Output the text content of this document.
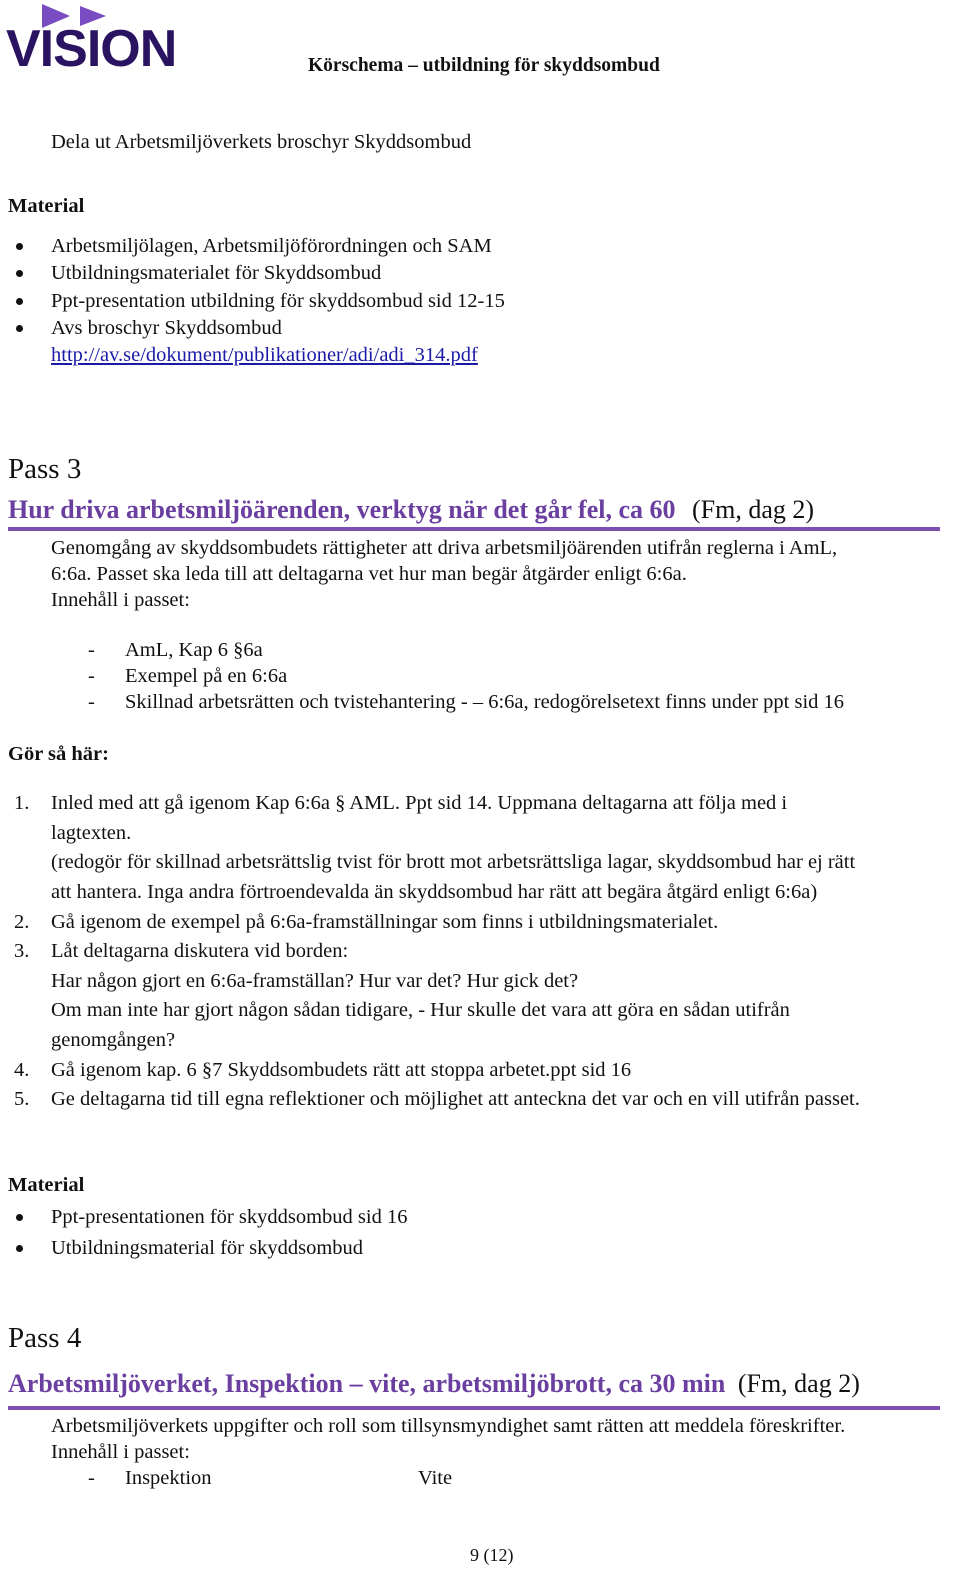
VISION	Körschema – utbildning för skyddsombud
Dela ut Arbetsmiljöverkets broschyr Skyddsombud
Material
Arbetsmiljölagen, Arbetsmiljöförordningen och SAM
Utbildningsmaterialet för Skyddsombud
Ppt-presentation utbildning för skyddsombud sid 12-15
Avs broschyr Skyddsombud
http://av.se/dokument/publikationer/adi/adi_314.pdf
Pass 3
Hur driva arbetsmiljöärenden, verktyg när det går fel, ca 60 (Fm, dag 2)
Genomgång av skyddsombudets rättigheter att driva arbetsmiljöärenden utifrån reglerna i AmL,
6:6a. Passet ska leda till att deltagarna vet hur man begär åtgärder enligt 6:6a.
Innehåll i passet:
- AmL, Kap 6 §6a
- Exempel på en 6:6a
- Skillnad arbetsrätten och tvistehantering - – 6:6a, redogörelsetext finns under ppt sid 16
Gör så här:
1. Inled med att gå igenom Kap 6:6a § AML. Ppt sid 14. Uppmana deltagarna att följa med i
lagtexten.
(redogör för skillnad arbetsrättslig tvist för brott mot arbetsrättsliga lagar, skyddsombud har ej rätt
att hantera. Inga andra förtroendevalda än skyddsombud har rätt att begära åtgärd enligt 6:6a)
2. Gå igenom de exempel på 6:6a-framställningar som finns i utbildningsmaterialet.
3. Låt deltagarna diskutera vid borden:
Har någon gjort en 6:6a-framställan? Hur var det? Hur gick det?
Om man inte har gjort någon sådan tidigare, - Hur skulle det vara att göra en sådan utifrån
genomgången?
4. Gå igenom kap. 6 §7 Skyddsombudets rätt att stoppa arbetet.ppt sid 16
5. Ge deltagarna tid till egna reflektioner och möjlighet att anteckna det var och en vill utifrån passet.
Material
Ppt-presentationen för skyddsombud sid 16
Utbildningsmaterial för skyddsombud
Pass 4
Arbetsmiljöverket, Inspektion – vite, arbetsmiljöbrott, ca 30 min (Fm, dag 2)
Arbetsmiljöverkets uppgifter och roll som tillsynsmyndighet samt rätten att meddela föreskrifter.
Innehåll i passet:
- Inspektion	Vite
9 (12)
